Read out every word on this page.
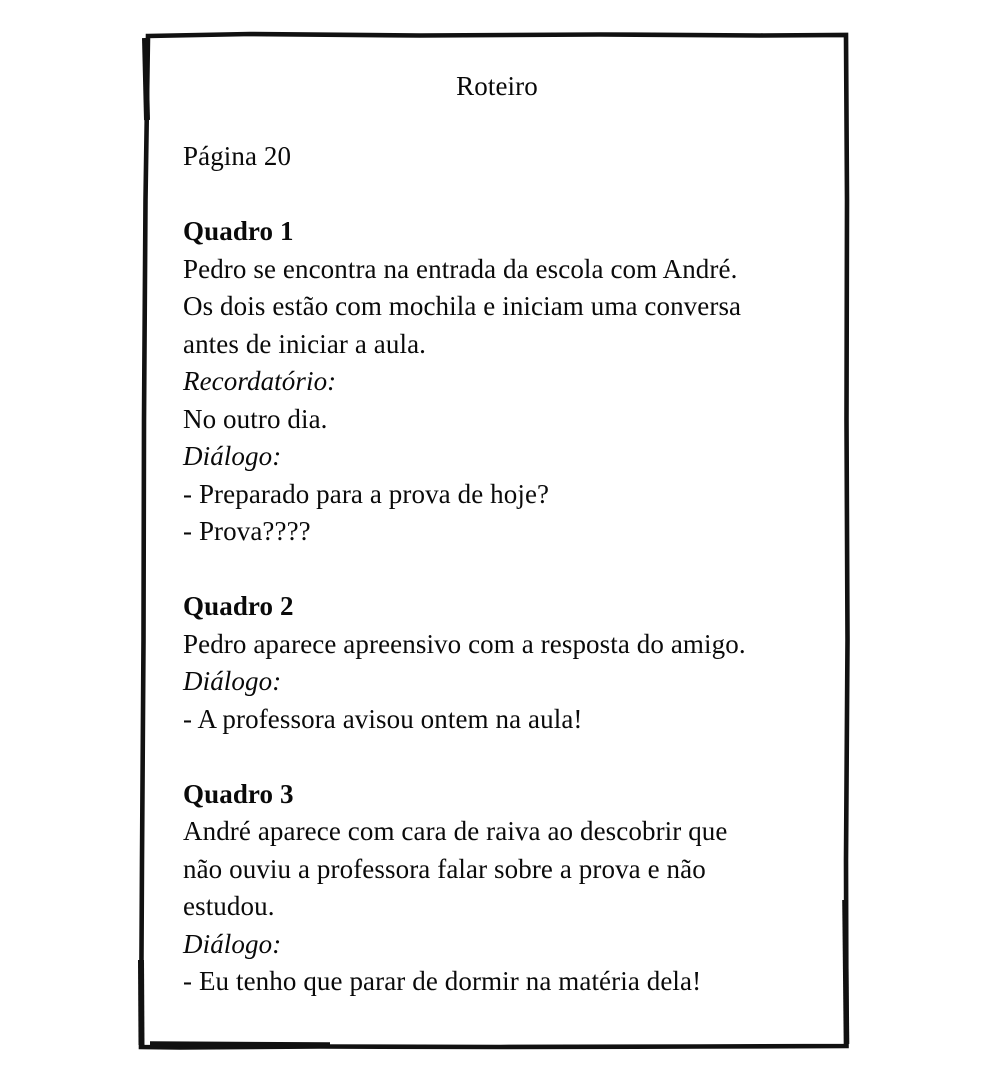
Roteiro
Página 20
Quadro 1
Pedro se encontra na entrada da escola com André.
Os dois estão com mochila e iniciam uma conversa
antes de iniciar a aula.
Recordatório:
No outro dia.
Diálogo:
- Preparado para a prova de hoje?
- Prova????
Quadro 2
Pedro aparece apreensivo com a resposta do amigo.
Diálogo:
- A professora avisou ontem na aula!
Quadro 3
André aparece com cara de raiva ao descobrir que
não ouviu a professora falar sobre a prova e não
estudou.
Diálogo:
- Eu tenho que parar de dormir na matéria dela!
